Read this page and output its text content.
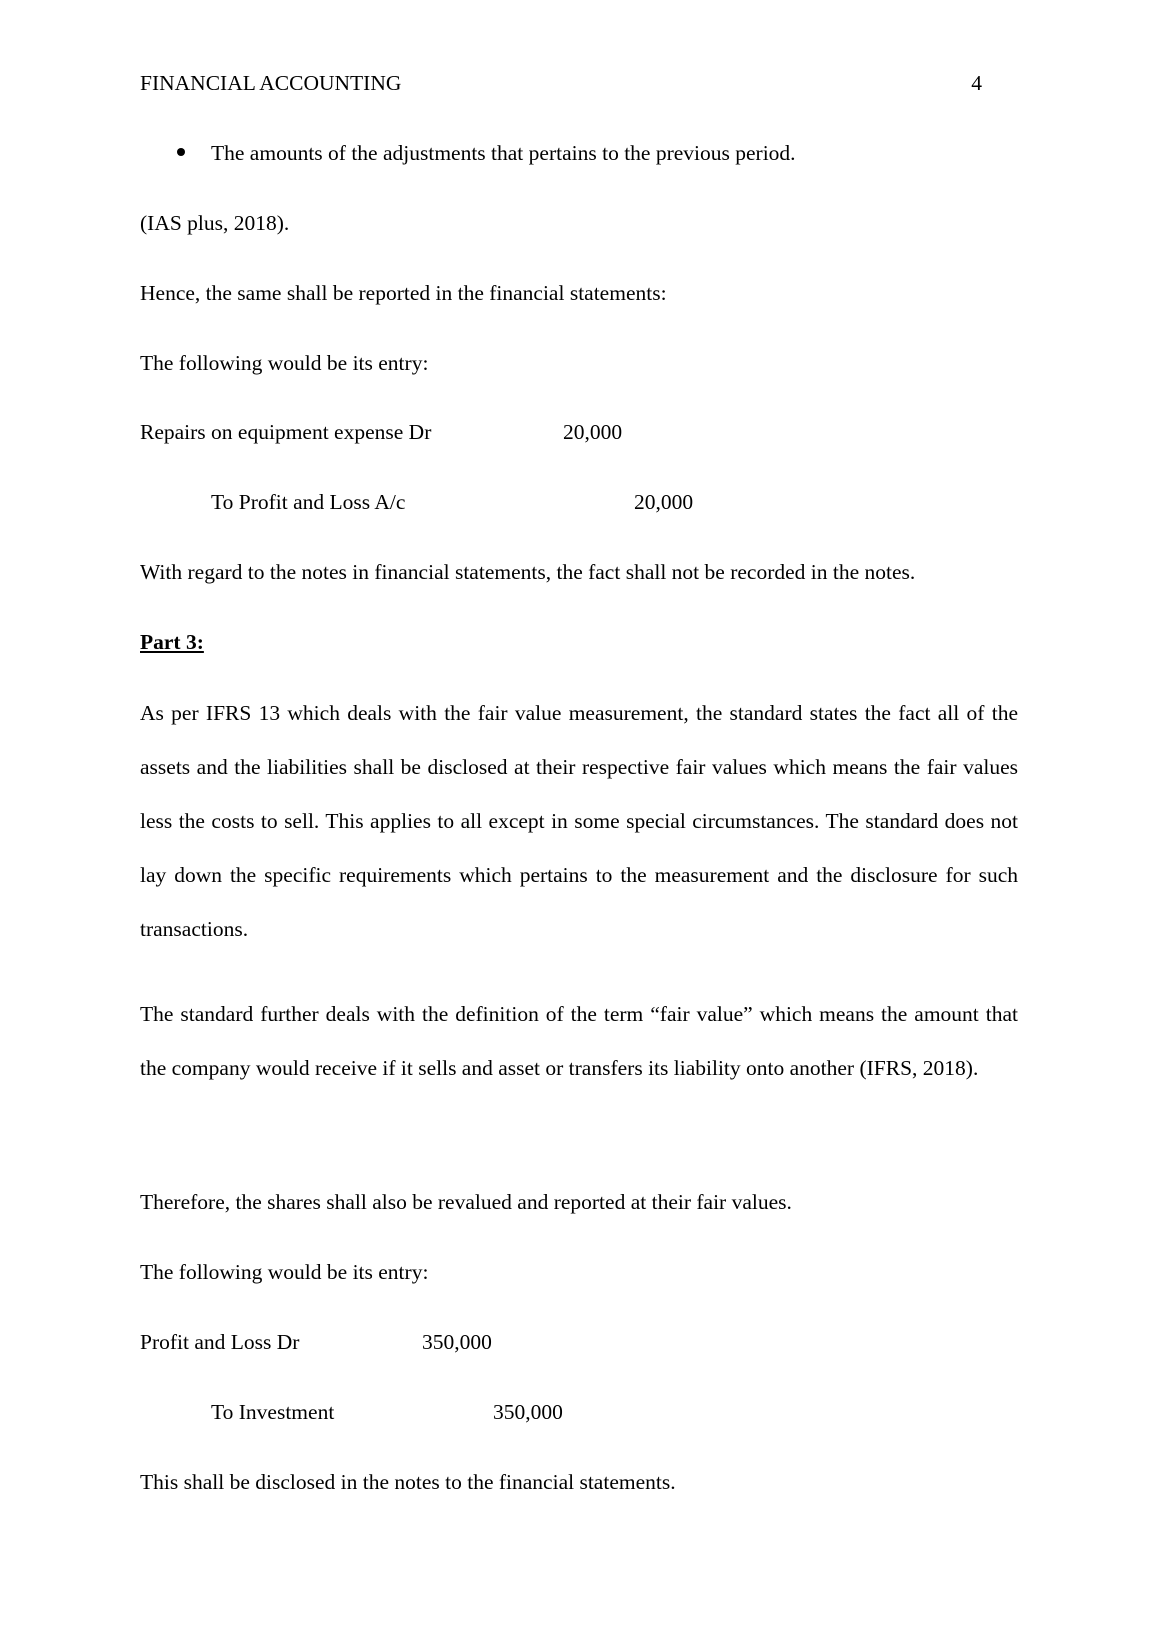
FINANCIAL ACCOUNTING	4
The amounts of the adjustments that pertains to the previous period.
(IAS plus, 2018).
Hence, the same shall be reported in the financial statements:
The following would be its entry:
Repairs on equipment expense Dr	20,000
To Profit and Loss A/c	20,000
With regard to the notes in financial statements, the fact shall not be recorded in the notes.
Part 3:
As per IFRS 13 which deals with the fair value measurement, the standard states the fact all of the assets and the liabilities shall be disclosed at their respective fair values which means the fair values less the costs to sell. This applies to all except in some special circumstances. The standard does not lay down the specific requirements which pertains to the measurement and the disclosure for such transactions.
The standard further deals with the definition of the term “fair value” which means the amount that the company would receive if it sells and asset or transfers its liability onto another (IFRS, 2018).
Therefore, the shares shall also be revalued and reported at their fair values.
The following would be its entry:
Profit and Loss Dr	350,000
To Investment	350,000
This shall be disclosed in the notes to the financial statements.
